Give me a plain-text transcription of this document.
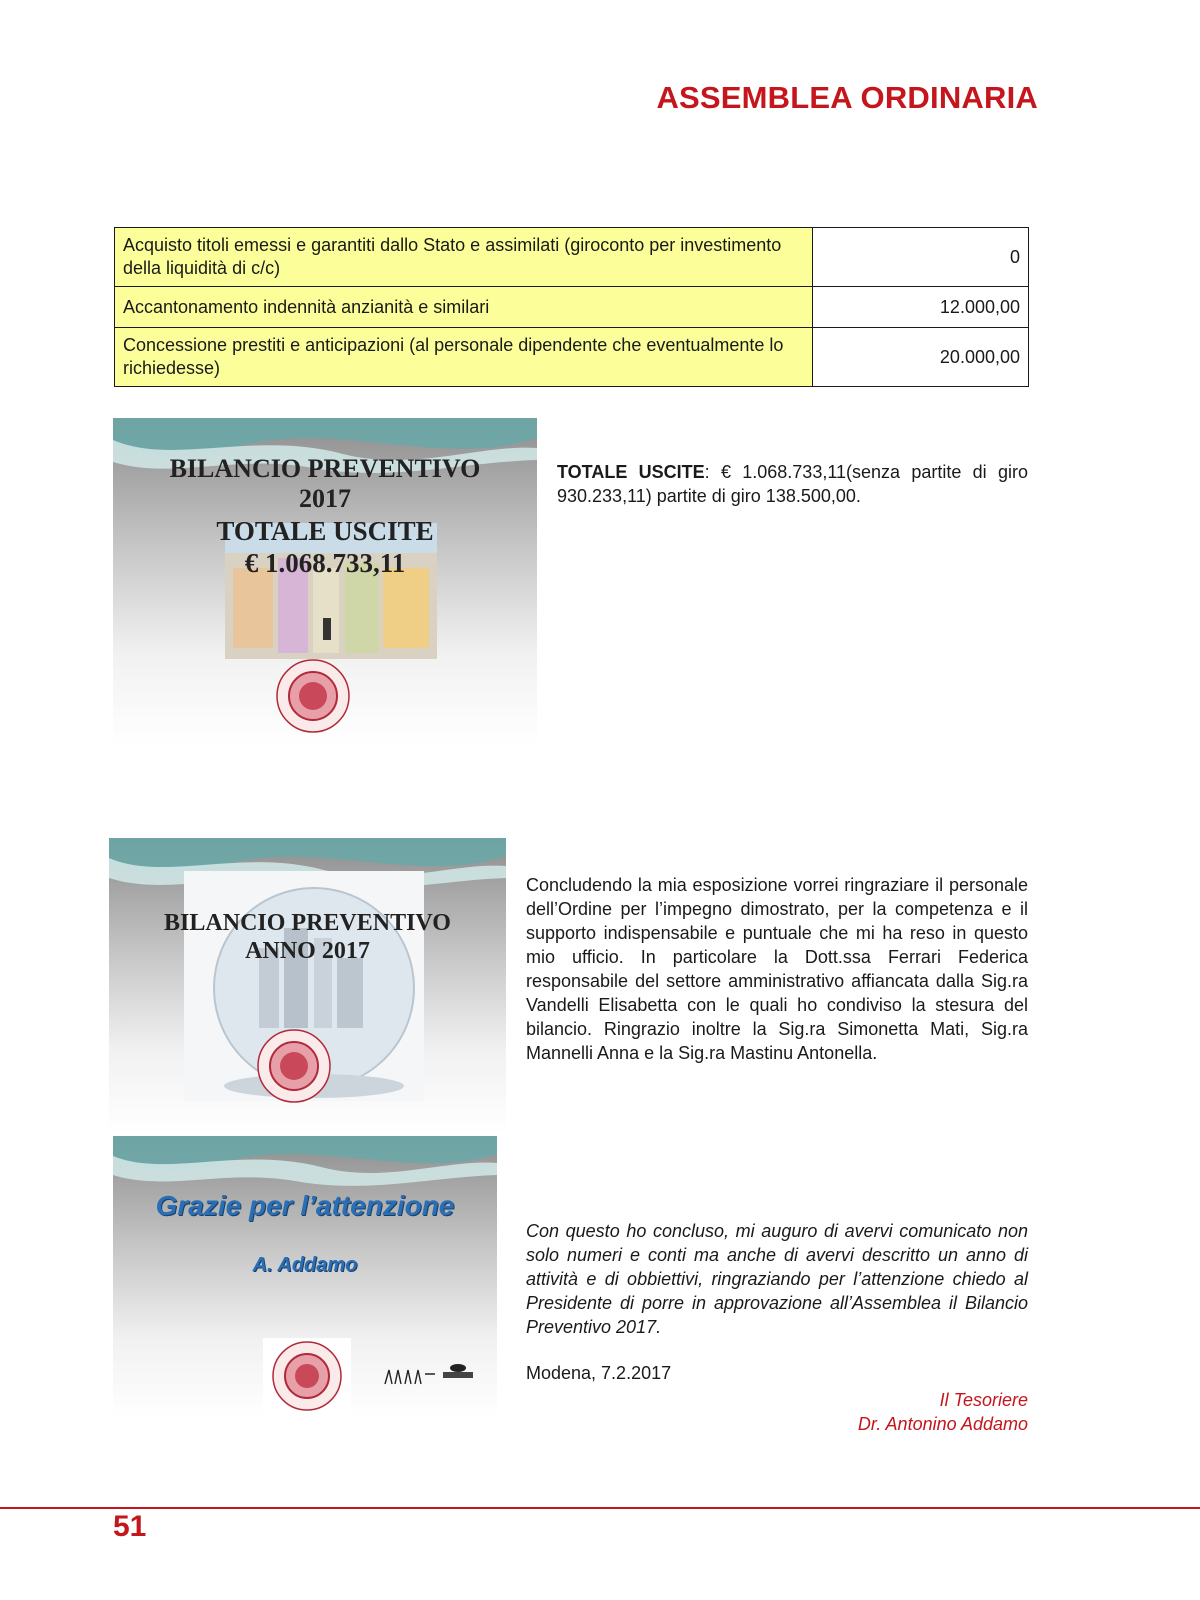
ASSEMBLEA ORDINARIA
Acquisto titoli emessi e garantiti dallo Stato e assimilati (giroconto per investimento della liquidità di c/c)	0
Accantonamento indennità anzianità e similari	12.000,00
Concessione prestiti e anticipazioni (al personale dipendente che eventualmente lo richiedesse)	20.000,00
BILANCIO PREVENTIVO
2017
TOTALE USCITE
€ 1.068.733,11
TOTALE USCITE: € 1.068.733,11(senza partite di giro 930.233,11) partite di giro 138.500,00.
BILANCIO PREVENTIVO
ANNO 2017
Concludendo la mia esposizione vorrei ringraziare il personale dell’Ordine per l’impegno dimostrato, per la competenza e il supporto indispensabile e puntuale che mi ha reso in questo mio ufficio. In particolare la Dott.ssa Ferrari Federica responsabile del settore amministrativo affiancata dalla Sig.ra Vandelli Elisabetta con le quali ho condiviso la stesura del bilancio. Ringrazio inoltre la Sig.ra Simonetta Mati, Sig.ra Mannelli Anna e la Sig.ra Mastinu Antonella.
Grazie per l’attenzione
A. Addamo
Con questo ho concluso, mi auguro di avervi comunicato non solo numeri e conti ma anche di avervi descritto un anno di attività e di obbiettivi, ringraziando per l’attenzione chiedo al Presidente di porre in approvazione all’Assemblea il Bilancio Preventivo 2017.
Modena, 7.2.2017
Il Tesoriere
Dr. Antonino Addamo
51
